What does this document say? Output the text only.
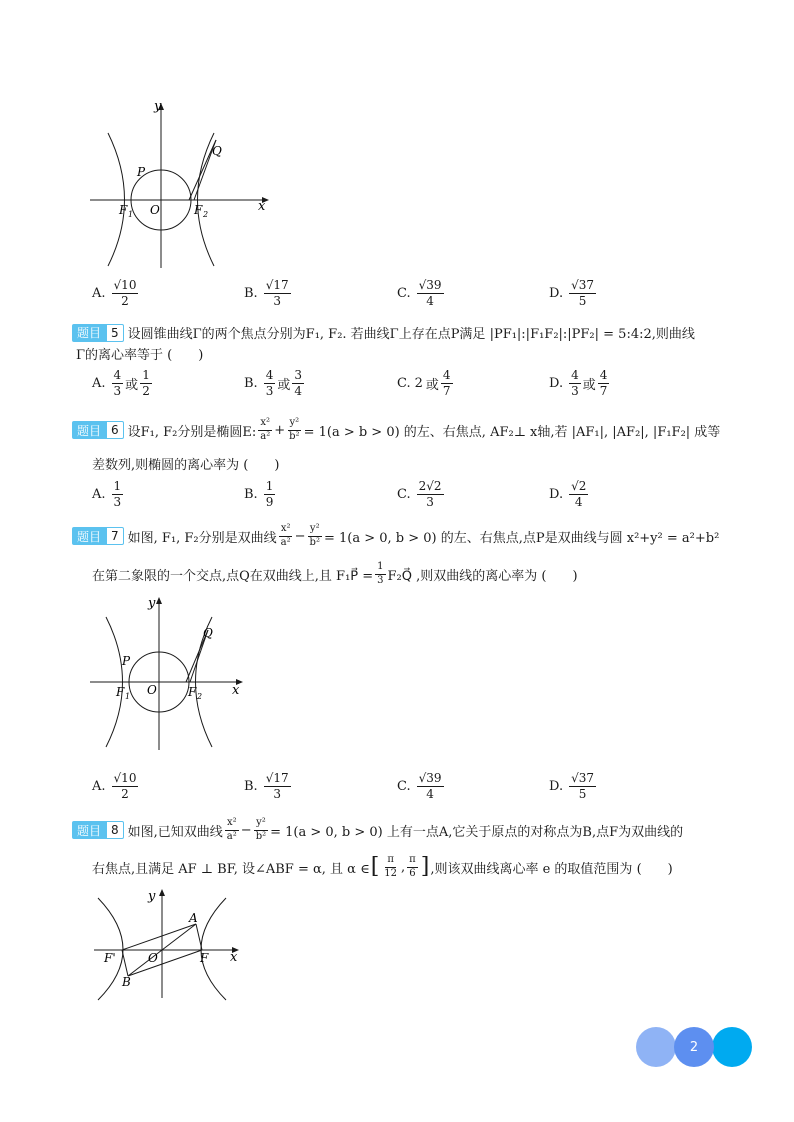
y
x
O
F 1	F 2
P
Q
A. $\frac{√10}{2}$	B. $\frac{√17}{3}$	C. $\frac{√39}{4}$	D. $\frac{√37}{5}$
题目 5 设圆锥曲线Γ的两个焦点分别为F₁, F₂. 若曲线Γ上存在点P满足 |PF₁|:|F₁F₂|:|PF₂| = 5:4:2,则曲线
Γ的离心率等于 (　　)
A. $\frac{4}{3}$ 或 $\frac{1}{2}$	B. $\frac{4}{3}$ 或 $\frac{3}{4}$	C. 2 或 $\frac{4}{7}$	D. $\frac{4}{3}$ 或 $\frac{4}{7}$
题目 6 设F₁, F₂分别是椭圆E: $\frac{\text{x²}}{\text{a²}} + \frac{\text{y²}}{\text{b²}} = 1(a > b > 0)$ 的左、右焦点, AF₂⊥ x轴,若 |AF₁|, |AF₂|, |F₁F₂| 成等
差数列,则椭圆的离心率为 (　　)
A. $\frac{1}{3}$	B. $\frac{1}{9}$	C. $\frac{2√2}{3}$	D. $\frac{√2}{4}$
题目 7 如图, F₁, F₂分别是双曲线 $\frac{\text{x²}}{\text{a²}} - \frac{\text{y²}}{\text{b²}} = 1(a > 0$, b > 0) 的左、右焦点,点P是双曲线与圆 x²+y² = a²+b²
在第二象限的一个交点,点Q在双曲线上,且 F₁P⃗ = $\frac{1}{3}$ F₂Q⃗ ,则双曲线的离心率为 (　　)
y
x
O
F 1	F 2
P
Q
A. $\frac{√10}{2}$	B. $\frac{√17}{3}$	C. $\frac{√39}{4}$	D. $\frac{√37}{5}$
题目 8 如图,已知双曲线 $\frac{\text{x²}}{\text{a²}} - \frac{\text{y²}}{\text{b²}} = 1(a > 0$, b > 0) 上有一点A,它关于原点的对称点为B,点F为双曲线的
右焦点,且满足 AF ⊥ BF, 设∠ABF = α, 且 α ∈ [ $\frac{\pi}{12}$ , $\frac{\pi}{6}$ ] ,则该双曲线离心率 e 的取值范围为 (　　)
y
x
O
F'	F
A
B
2
